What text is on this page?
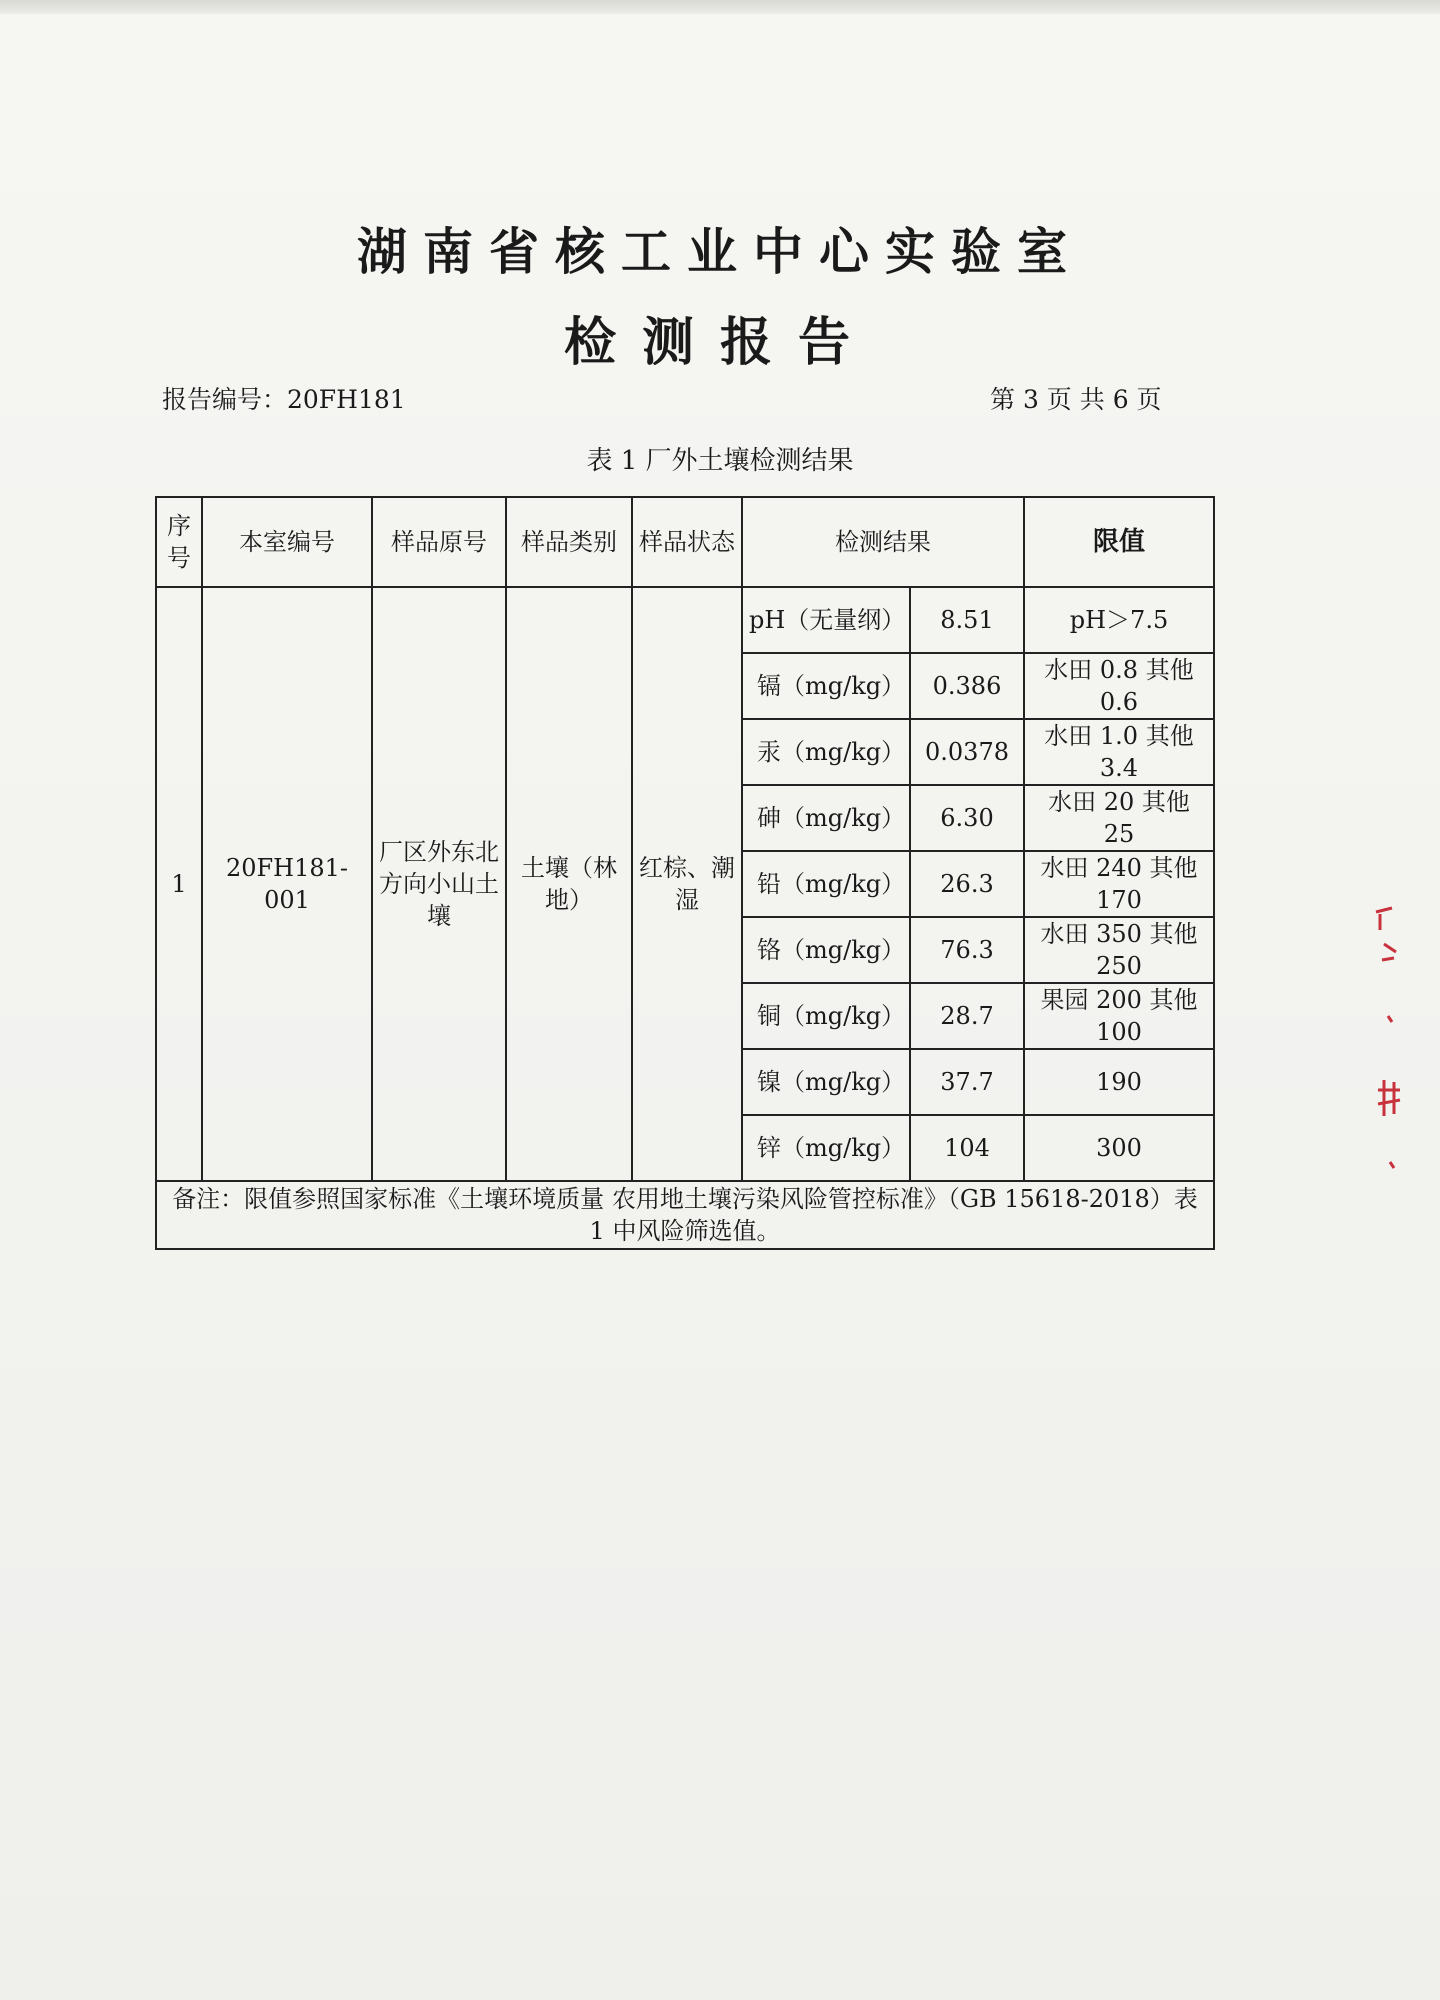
湖南省核工业中心实验室
检测报告
报告编号：20FH181	第 3 页 共 6 页
表 1 厂外土壤检测结果
序号	本室编号	样品原号	样品类别	样品状态	检测结果		限值
1	20FH181-001	厂区外东北方向小山土壤	土壤（林地）	红棕、潮湿	pH（无量纲）	8.51	pH＞7.5
					镉（mg/kg）	0.386	水田 0.8 其他 0.6
					汞（mg/kg）	0.0378	水田 1.0 其他 3.4
					砷（mg/kg）	6.30	水田 20 其他 25
					铅（mg/kg）	26.3	水田 240 其他 170
					铬（mg/kg）	76.3	水田 350 其他 250
					铜（mg/kg）	28.7	果园 200 其他 100
					镍（mg/kg）	37.7	190
					锌（mg/kg）	104	300
备注：限值参照国家标准《土壤环境质量 农用地土壤污染风险管控标准》（GB 15618-2018）表 1 中风险筛选值。							
